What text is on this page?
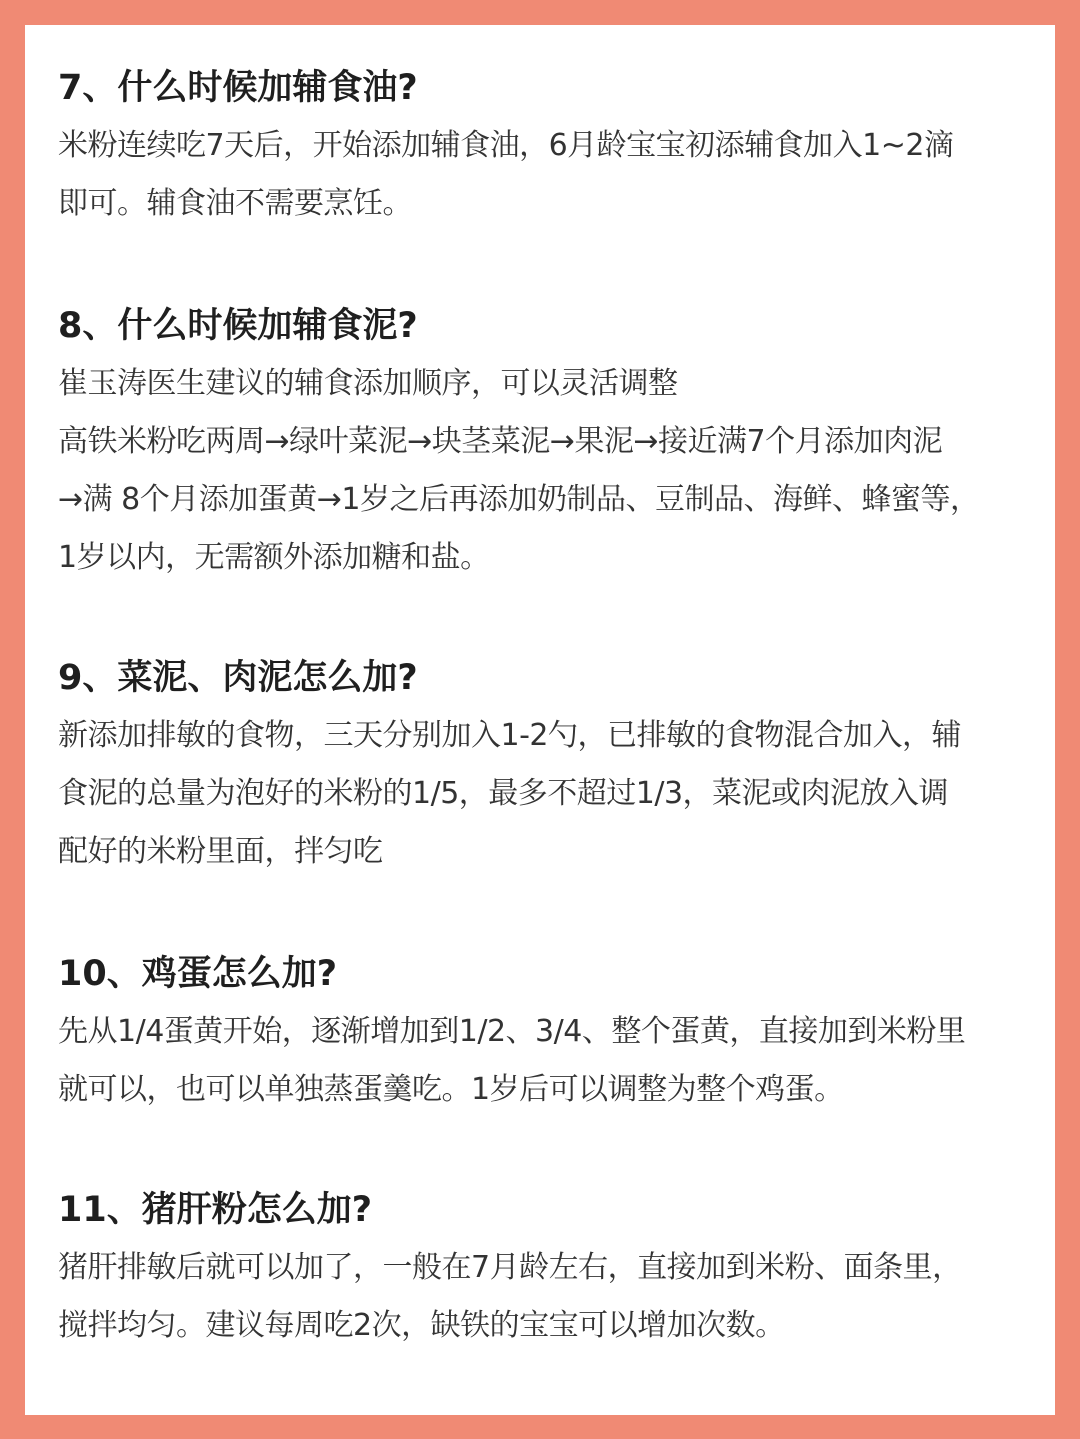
7、什么时候加辅食油?
米粉连续吃7天后，开始添加辅食油，6月龄宝宝初添辅食加入1~2滴
即可。辅食油不需要烹饪。
8、什么时候加辅食泥?
崔玉涛医生建议的辅食添加顺序，可以灵活调整
高铁米粉吃两周→绿叶菜泥→块茎菜泥→果泥→接近满7个月添加肉泥
→满 8个月添加蛋黄→1岁之后再添加奶制品、豆制品、海鲜、蜂蜜等，
1岁以内，无需额外添加糖和盐。
9、菜泥、肉泥怎么加?
新添加排敏的食物，三天分别加入1-2勺，已排敏的食物混合加入，辅
食泥的总量为泡好的米粉的1/5，最多不超过1/3，菜泥或肉泥放入调
配好的米粉里面，拌匀吃
10、鸡蛋怎么加?
先从1/4蛋黄开始，逐渐增加到1/2、3/4、整个蛋黄，直接加到米粉里
就可以，也可以单独蒸蛋羹吃。1岁后可以调整为整个鸡蛋。
11、猪肝粉怎么加?
猪肝排敏后就可以加了，一般在7月龄左右，直接加到米粉、面条里，
搅拌均匀。建议每周吃2次，缺铁的宝宝可以增加次数。
